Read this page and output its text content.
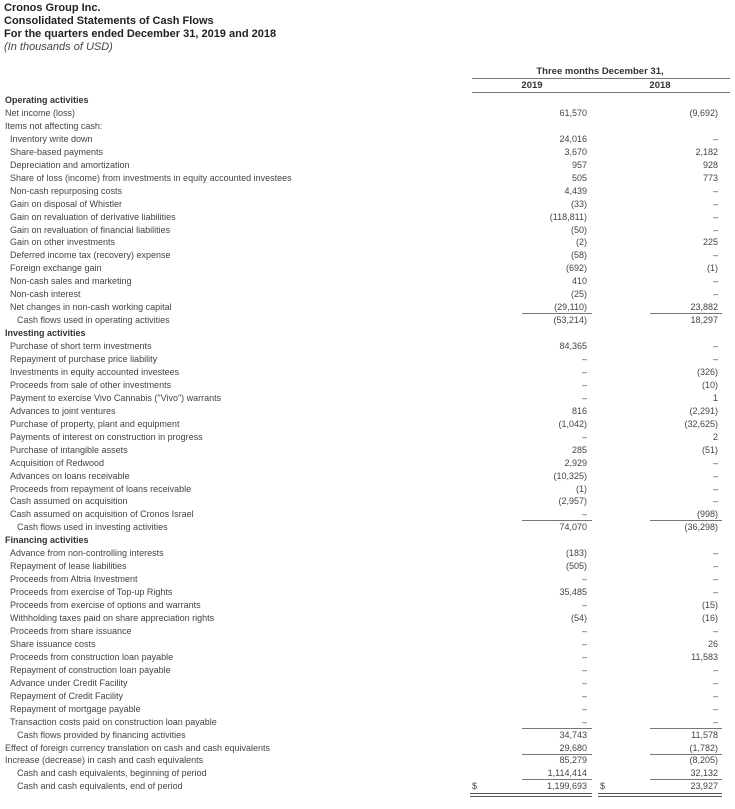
Cronos Group Inc.
Consolidated Statements of Cash Flows
For the quarters ended December 31, 2019 and 2018
(In thousands of USD)
Three months December 31,
2019	2018
Operating activities
Net income (loss)	61,570	(9,692)
Items not affecting cash:
Inventory write down	24,016	–
Share-based payments	3,670	2,182
Depreciation and amortization	957	928
Share of loss (income) from investments in equity accounted investees	505	773
Non-cash repurposing costs	4,439	–
Gain on disposal of Whistler	(33)	–
Gain on revaluation of derivative liabilities	(118,811)	–
Gain on revaluation of financial liabilities	(50)	–
Gain on other investments	(2)	225
Deferred income tax (recovery) expense	(58)	–
Foreign exchange gain	(692)	(1)
Non-cash sales and marketing	410	–
Non-cash interest	(25)	–
Net changes in non-cash working capital	(29,110)	23,882
Cash flows used in operating activities	(53,214)	18,297
Investing activities
Purchase of short term investments	84,365	–
Repayment of purchase price liability	–	–
Investments in equity accounted investees	–	(326)
Proceeds from sale of other investments	–	(10)
Payment to exercise Vivo Cannabis ("Vivo") warrants	–	1
Advances to joint ventures	816	(2,291)
Purchase of property, plant and equipment	(1,042)	(32,625)
Payments of interest on construction in progress	–	2
Purchase of intangible assets	285	(51)
Acquisition of Redwood	2,929	–
Advances on loans receivable	(10,325)	–
Proceeds from repayment of loans receivable	(1)	–
Cash assumed on acquisition	(2,957)	–
Cash assumed on acquisition of Cronos Israel	–	(998)
Cash flows used in investing activities	74,070	(36,298)
Financing activities
Advance from non-controlling interests	(183)	–
Repayment of lease liabilities	(505)	–
Proceeds from Altria Investment	–	–
Proceeds from exercise of Top-up Rights	35,485	–
Proceeds from exercise of options and warrants	–	(15)
Withholding taxes paid on share appreciation rights	(54)	(16)
Proceeds from share issuance	–	–
Share issuance costs	–	26
Proceeds from construction loan payable	–	11,583
Repayment of construction loan payable	–	–
Advance under Credit Facility	–	–
Repayment of Credit Facility	–	–
Repayment of mortgage payable	–	–
Transaction costs paid on construction loan payable	–	–
Cash flows provided by financing activities	34,743	11,578
Effect of foreign currency translation on cash and cash equivalents	29,680	(1,782)
Increase (decrease) in cash and cash equivalents	85,279	(8,205)
Cash and cash equivalents, beginning of period	1,114,414	32,132
Cash and cash equivalents, end of period	1,199,693	23,927
$	$
